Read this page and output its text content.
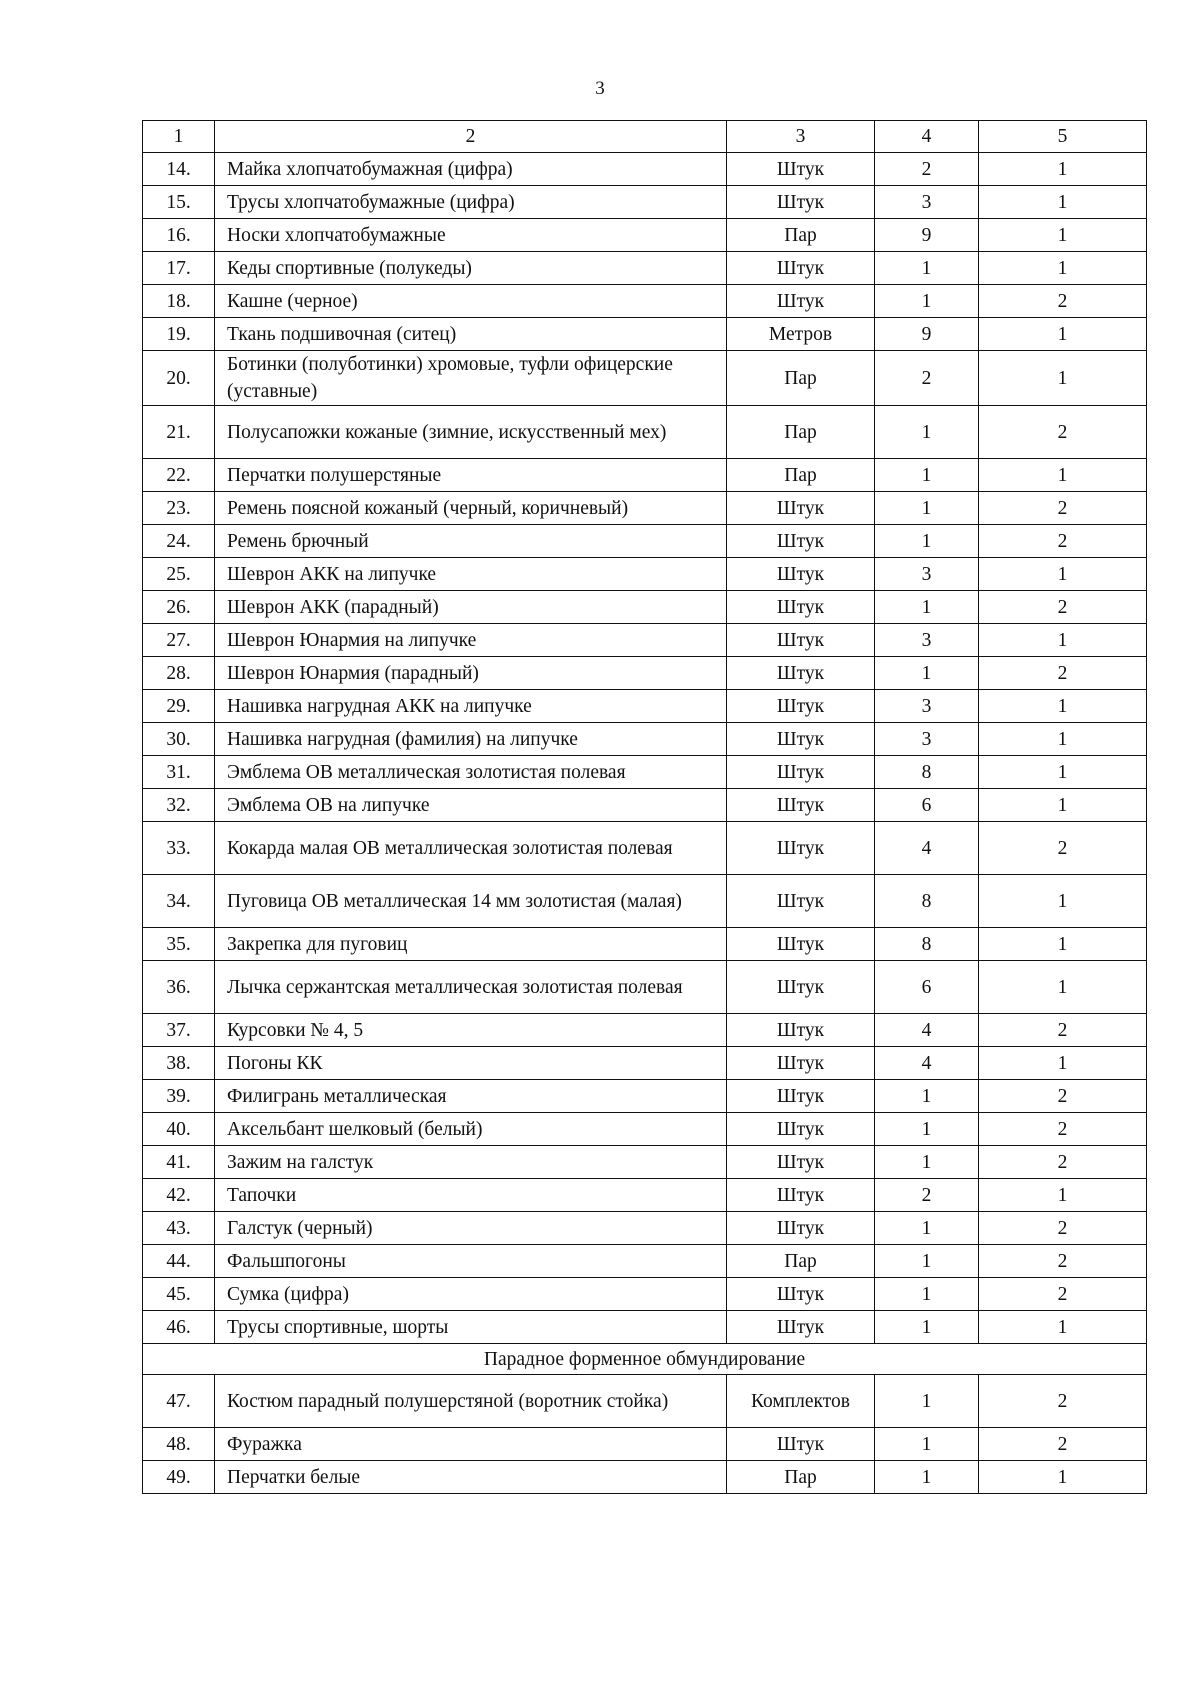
3
1	2	3	4	5
14.	Майка хлопчатобумажная (цифра)	Штук	2	1
15.	Трусы хлопчатобумажные (цифра)	Штук	3	1
16.	Носки хлопчатобумажные	Пар	9	1
17.	Кеды спортивные (полукеды)	Штук	1	1
18.	Кашне (черное)	Штук	1	2
19.	Ткань подшивочная (ситец)	Метров	9	1
20.	Ботинки (полуботинки) хромовые, туфли офицерские (уставные)	Пар	2	1
21.	Полусапожки кожаные (зимние, искусственный мех)	Пар	1	2
22.	Перчатки полушерстяные	Пар	1	1
23.	Ремень поясной кожаный (черный, коричневый)	Штук	1	2
24.	Ремень брючный	Штук	1	2
25.	Шеврон АКК на липучке	Штук	3	1
26.	Шеврон АКК (парадный)	Штук	1	2
27.	Шеврон Юнармия на липучке	Штук	3	1
28.	Шеврон Юнармия (парадный)	Штук	1	2
29.	Нашивка нагрудная АКК на липучке	Штук	3	1
30.	Нашивка нагрудная (фамилия) на липучке	Штук	3	1
31.	Эмблема ОВ металлическая золотистая полевая	Штук	8	1
32.	Эмблема ОВ на липучке	Штук	6	1
33.	Кокарда малая ОВ металлическая золотистая полевая	Штук	4	2
34.	Пуговица ОВ металлическая 14 мм золотистая (малая)	Штук	8	1
35.	Закрепка для пуговиц	Штук	8	1
36.	Лычка сержантская металлическая золотистая полевая	Штук	6	1
37.	Курсовки № 4, 5	Штук	4	2
38.	Погоны КК	Штук	4	1
39.	Филигрань металлическая	Штук	1	2
40.	Аксельбант шелковый (белый)	Штук	1	2
41.	Зажим на галстук	Штук	1	2
42.	Тапочки	Штук	2	1
43.	Галстук (черный)	Штук	1	2
44.	Фальшпогоны	Пар	1	2
45.	Сумка (цифра)	Штук	1	2
46.	Трусы спортивные, шорты	Штук	1	1
Парадное форменное обмундирование				
47.	Костюм парадный полушерстяной (воротник стойка)	Комплектов	1	2
48.	Фуражка	Штук	1	2
49.	Перчатки белые	Пар	1	1
